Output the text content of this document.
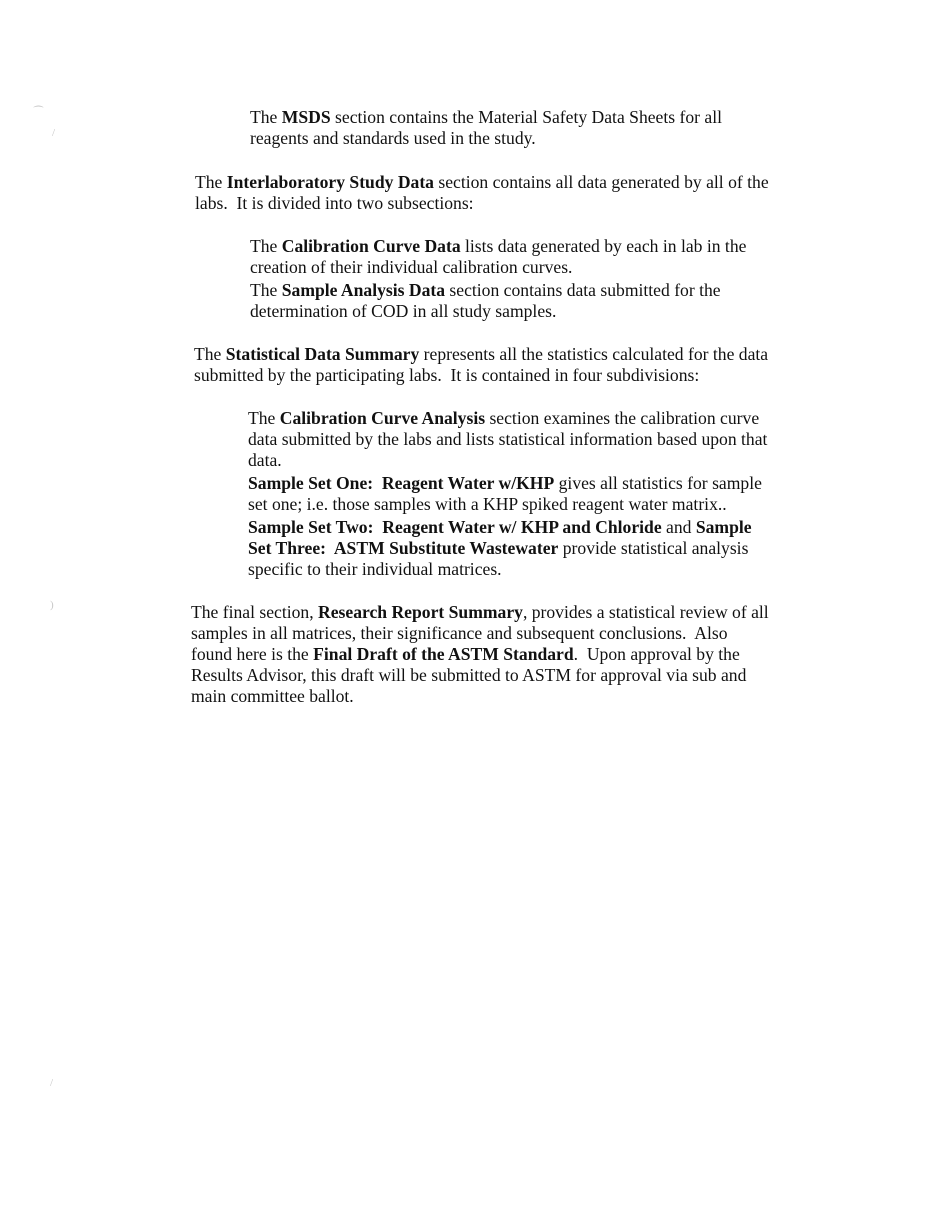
The MSDS section contains the Material Safety Data Sheets for all
reagents and standards used in the study.

The Interlaboratory Study Data section contains all data generated by all of the
labs.  It is divided into two subsections:

The Calibration Curve Data lists data generated by each in lab in the
creation of their individual calibration curves.

The Sample Analysis Data section contains data submitted for the
determination of COD in all study samples.

The Statistical Data Summary represents all the statistics calculated for the data
submitted by the participating labs.  It is contained in four subdivisions:

The Calibration Curve Analysis section examines the calibration curve
data submitted by the labs and lists statistical information based upon that
data.

Sample Set One:  Reagent Water w/KHP gives all statistics for sample
set one; i.e. those samples with a KHP spiked reagent water matrix..

Sample Set Two:  Reagent Water w/ KHP and Chloride and Sample
Set Three:  ASTM Substitute Wastewater provide statistical analysis
specific to their individual matrices.

The final section, Research Report Summary, provides a statistical review of all
samples in all matrices, their significance and subsequent conclusions.  Also
found here is the Final Draft of the ASTM Standard.  Upon approval by the
Results Advisor, this draft will be submitted to ASTM for approval via sub and
main committee ballot.

⁀
/
)
/
